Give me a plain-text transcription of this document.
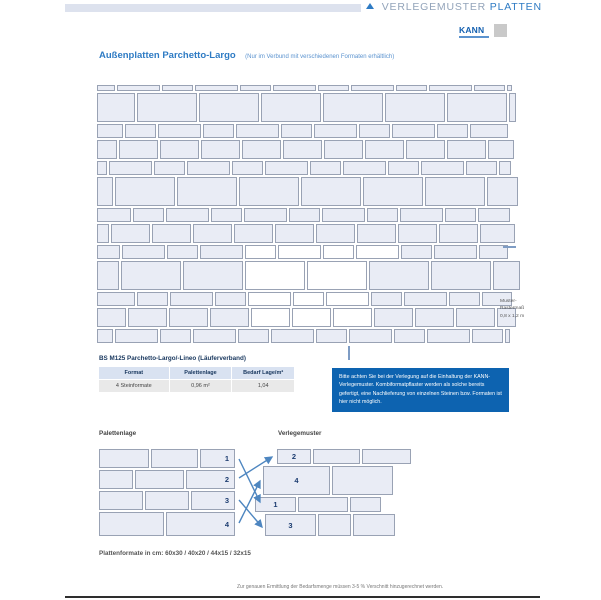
VERLEGEMUSTER PLATTEN
KANN
Außenplatten Parchetto-Largo (Nur im Verbund mit verschiedenen Formaten erhältlich)
Muster-
Rastermaß
0,8 x 1,2 m
BS M125 Parchetto-Largo/-Lineo (Läuferverband)
Format	Palettenlage	Bedarf Lage/m²
4 Steinformate	0,96 m²	1,04
Bitte achten Sie bei der Verlegung auf die Einhaltung der KANN-Verlegemuster. Kombiformatpflaster werden als solche bereits gefertigt, eine Nachlieferung von einzelnen Steinen bzw. Formaten ist hier nicht möglich.
Palettenlage	Verlegemuster
1
2
3
4
2
4
1
3
Plattenformate in cm: 60x30 / 40x20 / 44x15 / 32x15
Zur genauen Ermittlung der Bedarfsmenge müssen 3-5 % Verschnitt hinzugerechnet werden.
